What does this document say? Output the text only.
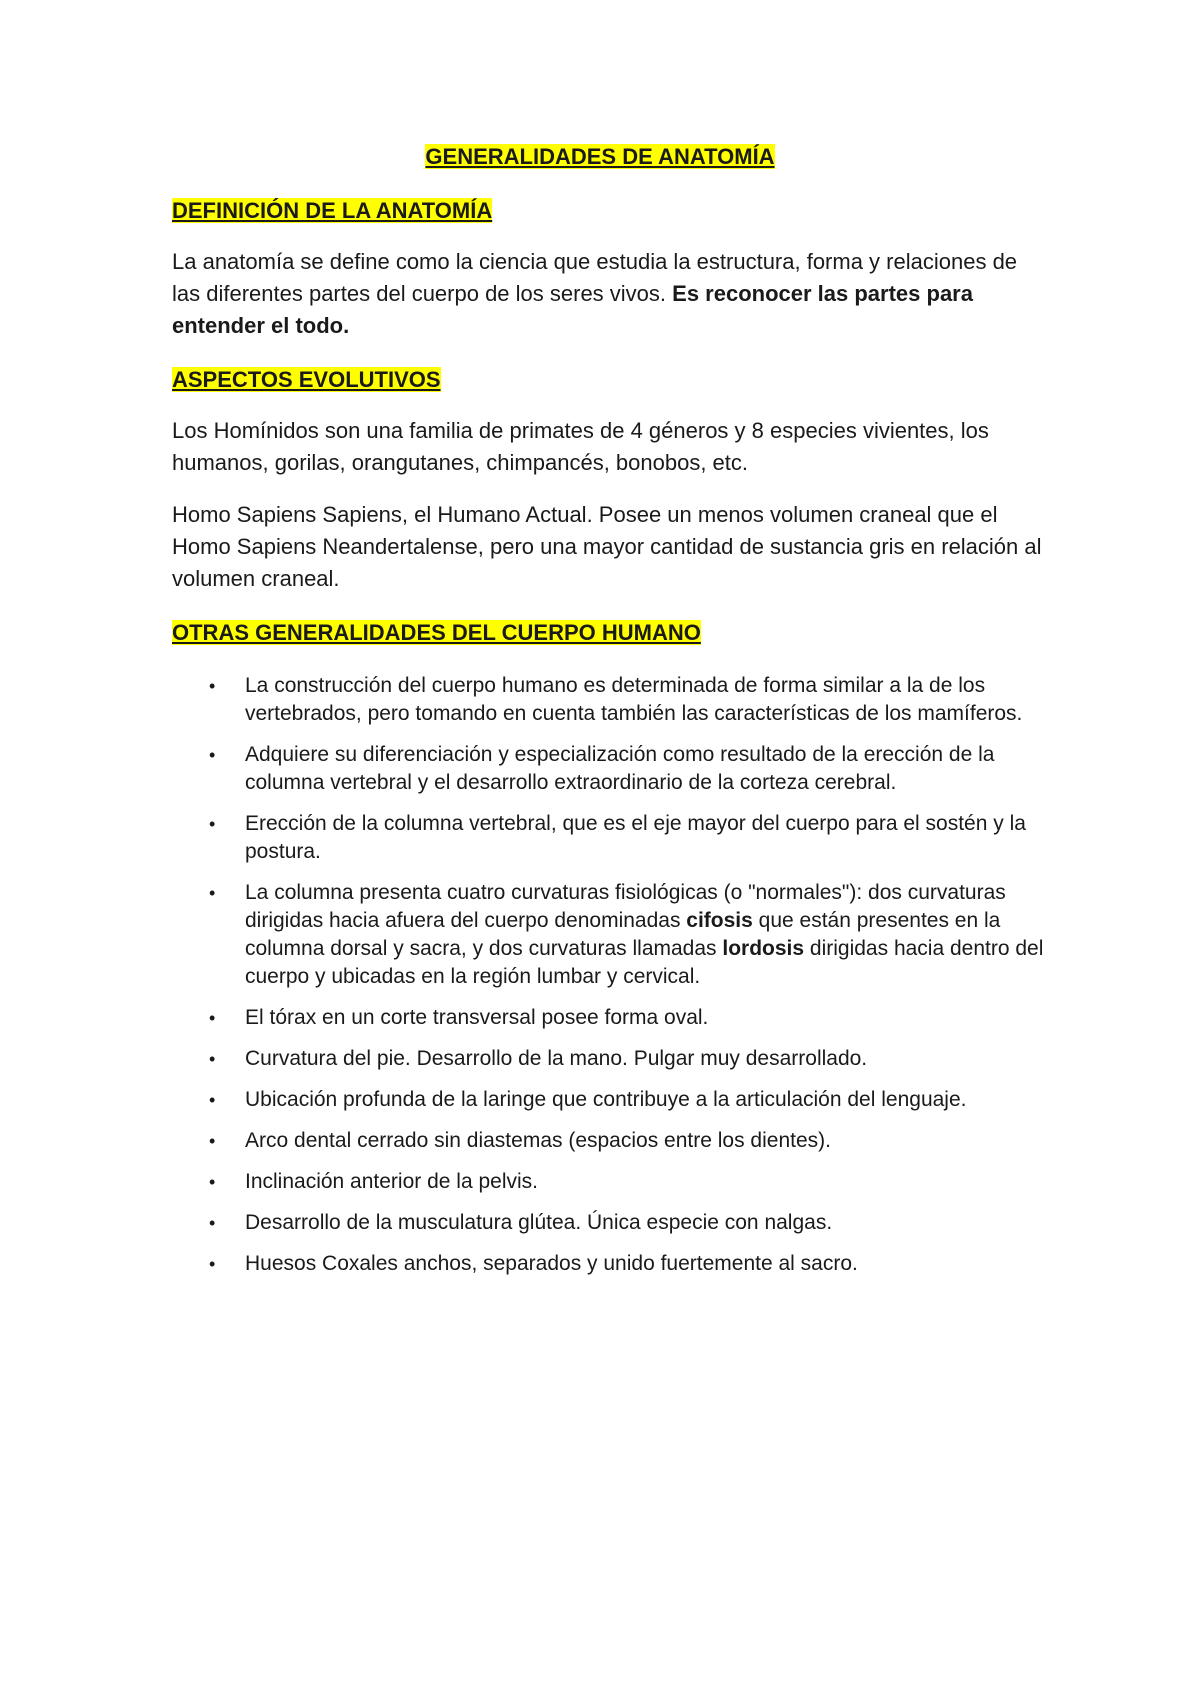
GENERALIDADES DE ANATOMÍA
DEFINICIÓN DE LA ANATOMÍA
La anatomía se define como la ciencia que estudia la estructura, forma y relaciones de las diferentes partes del cuerpo de los seres vivos. Es reconocer las partes para entender el todo.
ASPECTOS EVOLUTIVOS
Los Homínidos son una familia de primates de 4 géneros y 8 especies vivientes, los humanos, gorilas, orangutanes, chimpancés, bonobos, etc.
Homo Sapiens Sapiens, el Humano Actual. Posee un menos volumen craneal que el Homo Sapiens Neandertalense, pero una mayor cantidad de sustancia gris en relación al volumen craneal.
OTRAS GENERALIDADES DEL CUERPO HUMANO
• La construcción del cuerpo humano es determinada de forma similar a la de los vertebrados, pero tomando en cuenta también las características de los mamíferos.
• Adquiere su diferenciación y especialización como resultado de la erección de la columna vertebral y el desarrollo extraordinario de la corteza cerebral.
• Erección de la columna vertebral, que es el eje mayor del cuerpo para el sostén y la postura.
• La columna presenta cuatro curvaturas fisiológicas (o "normales"): dos curvaturas dirigidas hacia afuera del cuerpo denominadas cifosis que están presentes en la columna dorsal y sacra, y dos curvaturas llamadas lordosis dirigidas hacia dentro del cuerpo y ubicadas en la región lumbar y cervical.
• El tórax en un corte transversal posee forma oval.
• Curvatura del pie. Desarrollo de la mano. Pulgar muy desarrollado.
• Ubicación profunda de la laringe que contribuye a la articulación del lenguaje.
• Arco dental cerrado sin diastemas (espacios entre los dientes).
• Inclinación anterior de la pelvis.
• Desarrollo de la musculatura glútea. Única especie con nalgas.
• Huesos Coxales anchos, separados y unido fuertemente al sacro.
